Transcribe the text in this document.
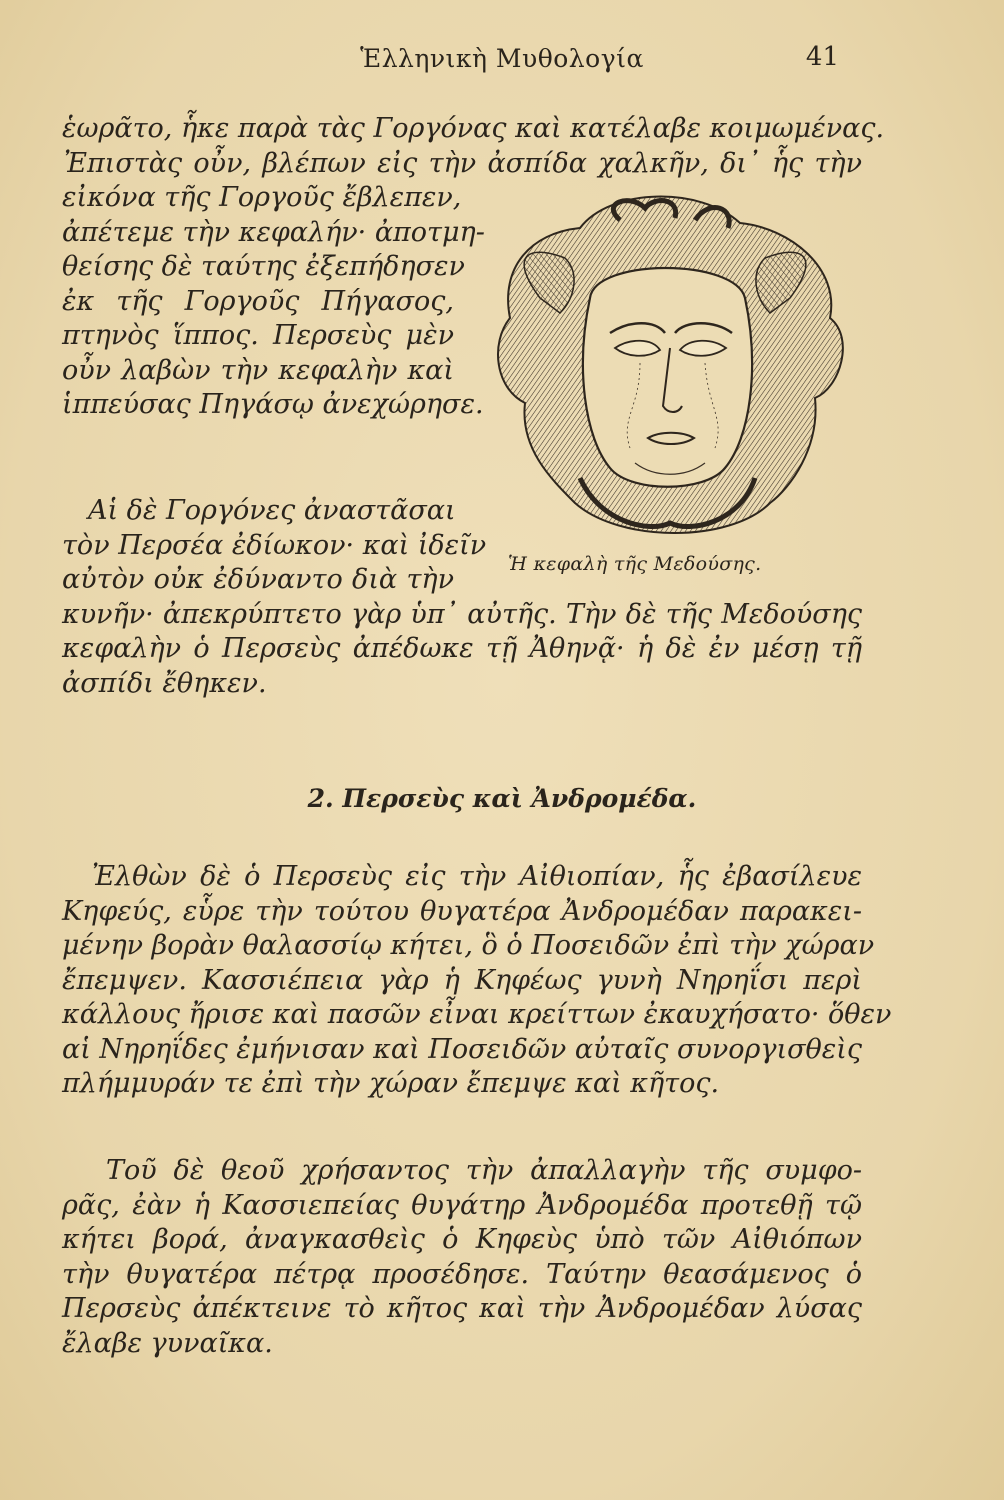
Ἑλληνικὴ Μυθολογία	41

ἑωρᾶτο, ἧκε παρὰ τὰς Γοργόνας καὶ κατέλαβε κοιμωμένας.
Ἐπιστὰς οὖν, βλέπων εἰς τὴν ἀσπίδα χαλκῆν, δι᾽ ἧς τὴν
εἰκόνα τῆς Γοργοῦς ἔβλεπεν,
ἀπέτεμε τὴν κεφαλήν· ἀποτμη-
θείσης δὲ ταύτης ἐξεπήδησεν
ἐκ τῆς Γοργοῦς Πήγασος,
πτηνὸς ἵππος. Περσεὺς μὲν
οὖν λαβὼν τὴν κεφαλὴν καὶ
ἱππεύσας Πηγάσῳ ἀνεχώρησε.

Αἱ δὲ Γοργόνες ἀναστᾶσαι
τὸν Περσέα ἐδίωκον· καὶ ἰδεῖν
αὐτὸν οὐκ ἐδύναντο διὰ τὴν
κυνῆν· ἀπεκρύπτετο γὰρ ὑπ᾽ αὐτῆς. Τὴν δὲ τῆς Μεδούσης
κεφαλὴν ὁ Περσεὺς ἀπέδωκε τῇ Ἀθηνᾷ· ἡ δὲ ἐν μέσῃ τῇ
ἀσπίδι ἔθηκεν.

Ἡ κεφαλὴ τῆς Μεδούσης.
2. Περσεὺς καὶ Ἀνδρομέδα.

Ἐλθὼν δὲ ὁ Περσεὺς εἰς τὴν Αἰθιοπίαν, ἧς ἐβασίλευε
Κηφεύς, εὗρε τὴν τούτου θυγατέρα Ἀνδρομέδαν παρακει-
μένην βορὰν θαλασσίῳ κήτει, ὃ ὁ Ποσειδῶν ἐπὶ τὴν χώραν
ἔπεμψεν. Κασσιέπεια γὰρ ἡ Κηφέως γυνὴ Νηρηΐσι περὶ
κάλλους ἤρισε καὶ πασῶν εἶναι κρείττων ἐκαυχήσατο· ὅθεν
αἱ Νηρηΐδες ἐμήνισαν καὶ Ποσειδῶν αὐταῖς συνοργισθεὶς
πλήμμυράν τε ἐπὶ τὴν χώραν ἔπεμψε καὶ κῆτος.

Τοῦ δὲ θεοῦ χρήσαντος τὴν ἀπαλλαγὴν τῆς συμφο-
ρᾶς, ἐὰν ἡ Κασσιεπείας θυγάτηρ Ἀνδρομέδα προτεθῇ τῷ
κήτει βορά, ἀναγκασθεὶς ὁ Κηφεὺς ὑπὸ τῶν Αἰθιόπων
τὴν θυγατέρα πέτρᾳ προσέδησε. Ταύτην θεασάμενος ὁ
Περσεὺς ἀπέκτεινε τὸ κῆτος καὶ τὴν Ἀνδρομέδαν λύσας
ἔλαβε γυναῖκα.
